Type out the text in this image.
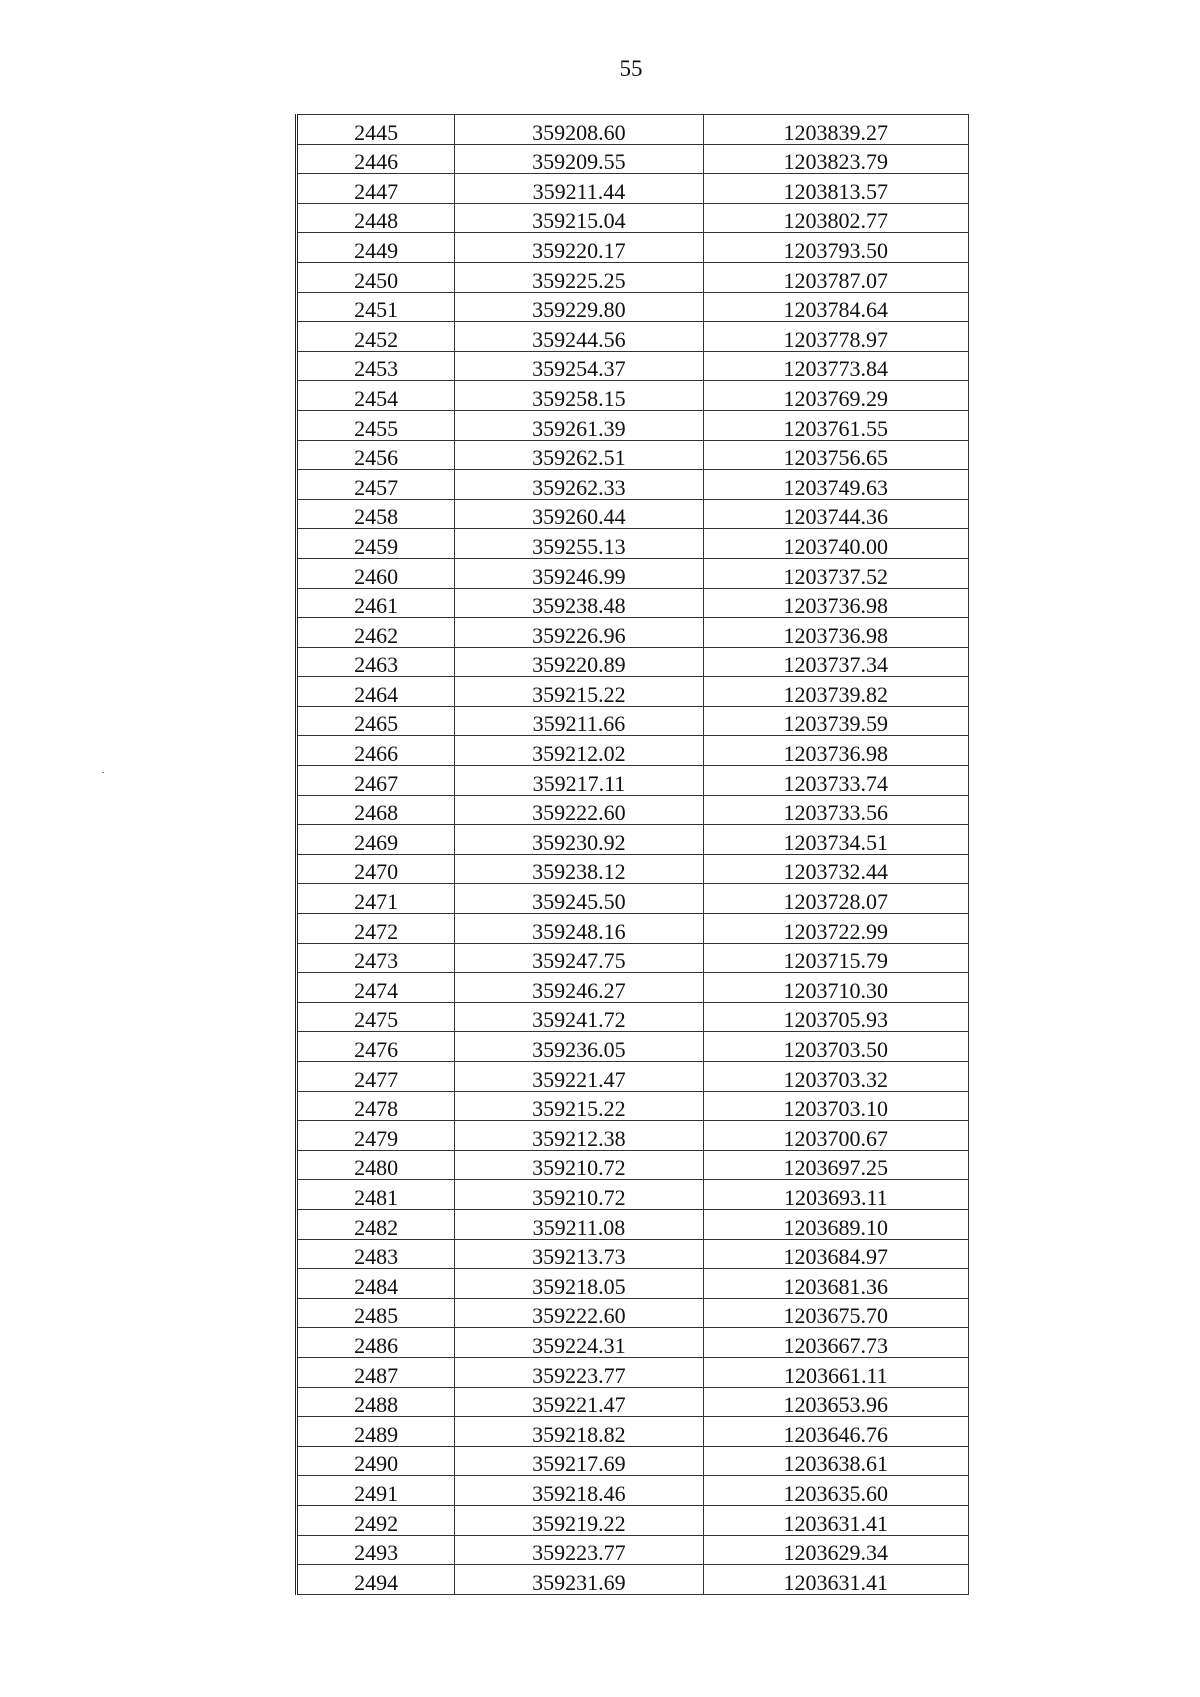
55
2445	359208.60	1203839.27
2446	359209.55	1203823.79
2447	359211.44	1203813.57
2448	359215.04	1203802.77
2449	359220.17	1203793.50
2450	359225.25	1203787.07
2451	359229.80	1203784.64
2452	359244.56	1203778.97
2453	359254.37	1203773.84
2454	359258.15	1203769.29
2455	359261.39	1203761.55
2456	359262.51	1203756.65
2457	359262.33	1203749.63
2458	359260.44	1203744.36
2459	359255.13	1203740.00
2460	359246.99	1203737.52
2461	359238.48	1203736.98
2462	359226.96	1203736.98
2463	359220.89	1203737.34
2464	359215.22	1203739.82
2465	359211.66	1203739.59
2466	359212.02	1203736.98
2467	359217.11	1203733.74
2468	359222.60	1203733.56
2469	359230.92	1203734.51
2470	359238.12	1203732.44
2471	359245.50	1203728.07
2472	359248.16	1203722.99
2473	359247.75	1203715.79
2474	359246.27	1203710.30
2475	359241.72	1203705.93
2476	359236.05	1203703.50
2477	359221.47	1203703.32
2478	359215.22	1203703.10
2479	359212.38	1203700.67
2480	359210.72	1203697.25
2481	359210.72	1203693.11
2482	359211.08	1203689.10
2483	359213.73	1203684.97
2484	359218.05	1203681.36
2485	359222.60	1203675.70
2486	359224.31	1203667.73
2487	359223.77	1203661.11
2488	359221.47	1203653.96
2489	359218.82	1203646.76
2490	359217.69	1203638.61
2491	359218.46	1203635.60
2492	359219.22	1203631.41
2493	359223.77	1203629.34
2494	359231.69	1203631.41
